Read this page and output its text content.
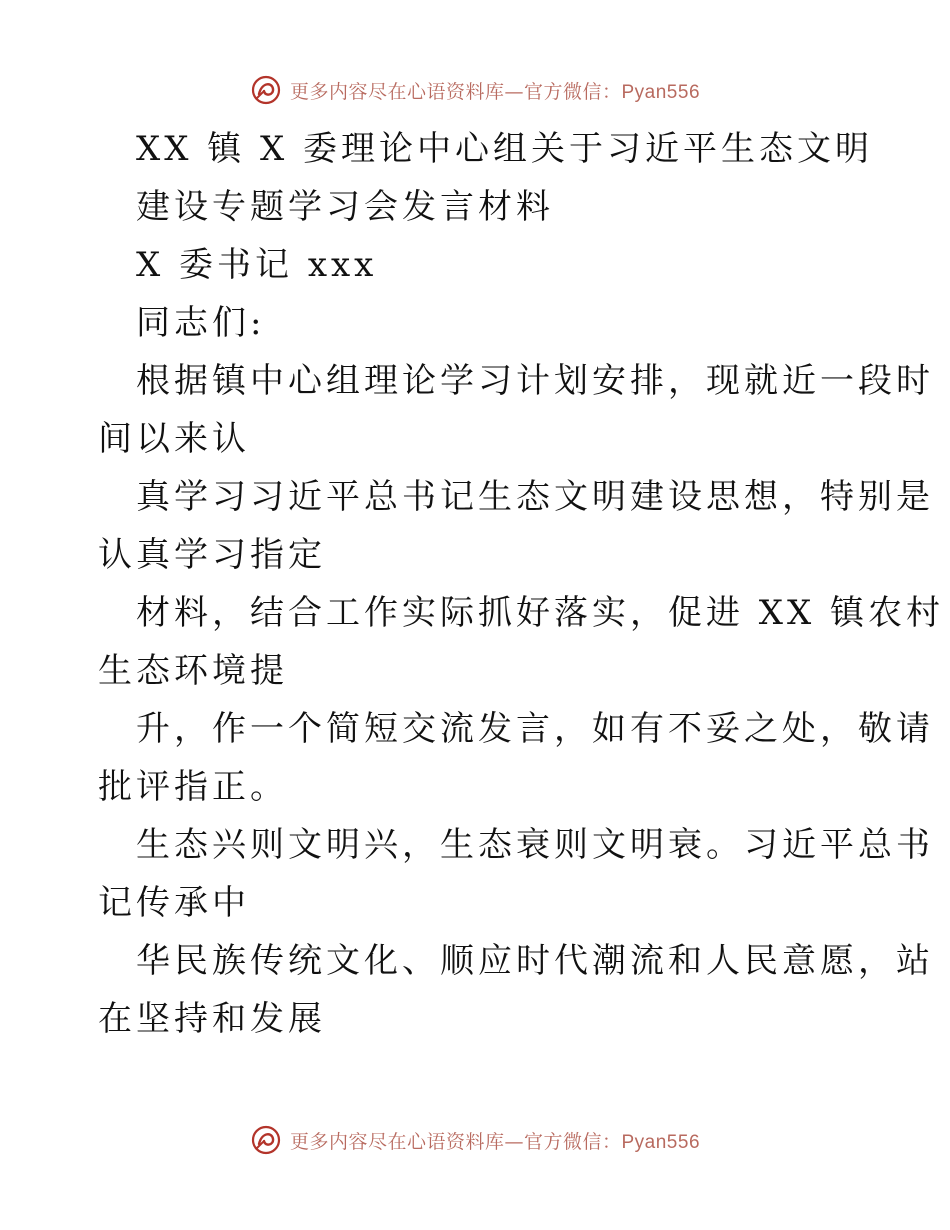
更多内容尽在心语资料库—官方微信：Pyan556
XX 镇 X 委理论中心组关于习近平生态文明
建设专题学习会发言材料
X 委书记 xxx
同志们:
根据镇中心组理论学习计划安排，现就近一段时
间以来认
真学习习近平总书记生态文明建设思想，特别是
认真学习指定
材料，结合工作实际抓好落实，促进 XX 镇农村
生态环境提
升，作一个简短交流发言，如有不妥之处，敬请
批评指正。
生态兴则文明兴，生态衰则文明衰。习近平总书
记传承中
华民族传统文化、顺应时代潮流和人民意愿，站
在坚持和发展
更多内容尽在心语资料库—官方微信：Pyan556
